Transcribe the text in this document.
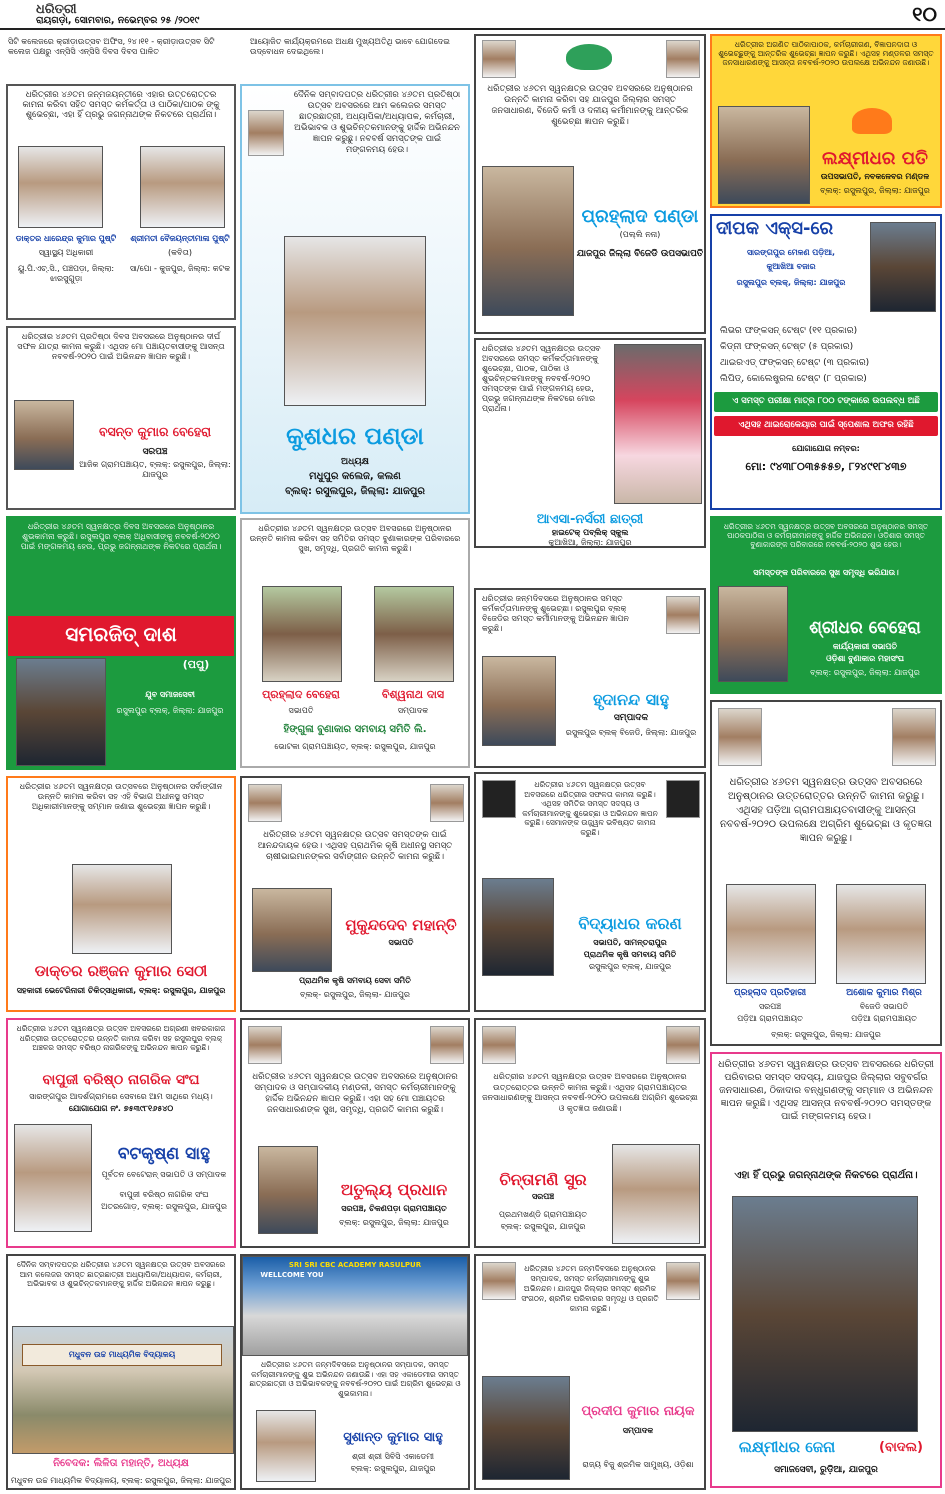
ଧରିତ୍ରୀ
ରାୟଗଡ଼ା, ସୋମବାର, ନଭେମ୍ବର ୨୫ /୨୦୧୯	୧୦
ସିଟି କଲେଜରେ କ୍ରୀଡ଼ାଉତ୍ସବ ଅଫିସ, ୨୪।୧୧ - କ୍ରୀଡ଼ାଉତ୍ସବ ସିଟି କଲେଜ ପକ୍ଷରୁ ଏନ୍‌ସିସି ଏନ୍‌ସିସି ଦିବସ ଦିବସ ପାଳିତ
ଆୟୋଜିତ କାର୍ଯ୍ୟକ୍ରମରେ ଅଧକ୍ଷ ମୁଖ୍ୟଅତିଥି ଭାବେ ଯୋଗଦେଇ ଉଦ୍‌ବୋଧନ ଦେଇଥିଲେ।
ଧରିତ୍ରୀର ୪୬ତମ ଜନ୍ମଜୟନ୍ତୀରେ ଏହାର ଉତ୍ତରୋତ୍ତର କାମନା କରିବା ସହିତ ସମସ୍ତ କର୍ମକର୍ତ୍ତା ଓ ପାଠିକା/ପାଠକ ଙ୍କୁ ଶୁଭେଚ୍ଛା, ଏହା ହିଁ ପ୍ରଭୁ ଜଗନ୍ନାଥଙ୍କ ନିକଟରେ ପ୍ରାର୍ଥନା।
ଡାକ୍ତର ଧାରେନ୍ଦ୍ର କୁମାର ପୁଷ୍ଟି
ସ୍ୱାସ୍ଥ୍ୟ ଅଧିକାରୀ
ୟୁ.ପି.ଏଚ୍.ସି., ପଞ୍ଚପଡ଼ା, ଜିଲ୍ଲା: ଝାରସୁଗୁଡ଼ା
ଶ୍ରୀମତୀ ବୈଜୟନ୍ତୀମାଳା ପୁଷ୍ଟି
(କବିତା)
ସା/ପୋ - କୁଜପୁର, ଜିଲ୍ଲା: କଟକ
ଧରିତ୍ରୀର ୪୬ତମ ପ୍ରତିଷ୍ଠା ଦିବସ ଅବସରରେ ଅନୁଷ୍ଠାନର ଦୀର୍ଘ ସଫଳ ଯାତ୍ରା କାମନା କରୁଛି। ଏଥିସହ ମୋ ପଞ୍ଚାୟତବାସୀଙ୍କୁ ଆସନ୍ତା ନବବର୍ଷ-୨୦୨୦ ପାଇଁ ଅଭିନନ୍ଦନ ଜ୍ଞାପନ କରୁଛି।
ବସନ୍ତ କୁମାର ବେହେରା
ସରପଞ୍ଚ
ଆଜିକ ଗ୍ରାମପଞ୍ଚାୟତ, ବ୍ଲକ୍: ରସୁଲପୁର, ଜିଲ୍ଲା: ଯାଜପୁର
ଧରିତ୍ରୀର ୪୬ତମ ସ୍ୱନକ୍ଷତ୍ର ଦିବସ ଅବସରରେ ଅନୁଷ୍ଠାନର ଶୁଭକାମନା କରୁଛି। ରସୁଲପୁର ବ୍ଲକ୍ ଅଧିବାସୀଙ୍କୁ ନବବର୍ଷ-୨୦୨୦ ପାଇଁ ମଙ୍ଗଳମୟ ହେଉ, ପ୍ରଭୁ ଜଗନ୍ନାଥଙ୍କ ନିକଟରେ ପ୍ରାର୍ଥନା।
ସମରଜିତ୍ ଦାଶ
(ପପୁ)
ଯୁବ ସମାଜସେବୀ
ରସୁଲପୁର ବ୍ଲକ୍, ଜିଲ୍ଲା: ଯାଜପୁର
ଦୈନିକ ସମ୍ବାଦପତ୍ର ଧରିତ୍ରୀର ୪୬ତମ ପ୍ରତିଷ୍ଠା ଉତ୍ସବ ଅବସରରେ ଆମ କଲେଜର ସମସ୍ତ ଛାତ୍ରଛାତ୍ରୀ, ଅଧ୍ୟାପିକା/ଅଧ୍ୟାପକ, କର୍ମଚାରୀ, ଅଭିଭାବକ ଓ ଶୁଭଚିନ୍ତକମାନଙ୍କୁ ହାର୍ଦ୍ଦିକ ଅଭିନନ୍ଦନ ଜ୍ଞାପନ କରୁଛୁ। ନବବର୍ଷ ସମସ୍ତଙ୍କ ପାଇଁ ମଙ୍ଗଳମୟ ହେଉ।
କୁଶଧର ପଣ୍ଡା
ଅଧ୍ୟକ୍ଷ
ମଧୁପୁର କଲେଜ, କଲଣ
ବ୍ଲକ୍: ରସୁଲପୁର, ଜିଲ୍ଲା: ଯାଜପୁର
ଧରିତ୍ରୀର ୪୬ତମ ସ୍ୱନକ୍ଷତ୍ର ଉତ୍ସବ ଅବସରରେ ଅନୁଷ୍ଠାନର ଉନ୍ନତି କାମନା କରିବା ସହ ସମିତିର ସମସ୍ତ ବୁଣାକାରଙ୍କ ପରିବାରରେ ସୁଖ, ସମୃଦ୍ଧି, ପ୍ରଗତି କାମନା କରୁଛି।
ପ୍ରହ୍ଲାଦ ବେହେରା
ସଭାପତି
ବିଶ୍ୱନାଥ ଦାସ
ସମ୍ପାଦକ
ହିଙ୍ଗୁଳା ବୁଣାକାର ସମବାୟ ସମିତି ଲି.
ଭୋଟକା ଗ୍ରାମପଞ୍ଚାୟତ, ବ୍ଲକ୍: ରସୁଲପୁର, ଯାଜପୁର
ଧରିତ୍ରୀର ୪୬ତମ ସ୍ୱନକ୍ଷତ୍ର ଉତ୍ସବ ଅବସରରେ ଅନୁଷ୍ଠାନର ଉନ୍ନତି କାମନା କରିବା ସହ ଯାଜପୁର ଜିଲ୍ଲାର ସମସ୍ତ ଜନସାଧାରଣ, ବିଜେଡି କର୍ମୀ ଓ ଦଳୀୟ କର୍ମୀମାନଙ୍କୁ ଆନ୍ତରିକ ଶୁଭେଚ୍ଛା ଜ୍ଞାପନ କରୁଛି।
ପ୍ରହ୍ଲାଦ ପଣ୍ଡା
(ପଲ୍ଲି ନନା)
ଯାଜପୁର ଜିଲ୍ଲା ବିଜେଡି ଉପସଭାପତି
ଧରିତ୍ରୀର ୪୬ତମ ସ୍ୱନକ୍ଷତ୍ର ଉତ୍ସବ ଅବସରରେ ସମସ୍ତ କର୍ମକର୍ତ୍ତାମାନଙ୍କୁ ଶୁଭେଚ୍ଛା, ପାଠକ, ପାଠିକା ଓ ଶୁଭଚିନ୍ତକମାନଙ୍କୁ ନବବର୍ଷ-୨୦୨୦ ସମସ୍ତଙ୍କ ପାଇଁ ମଙ୍ଗଳମୟ ହେଉ, ପ୍ରଭୁ ଜଗନ୍ନାଥଙ୍କ ନିକଟରେ ମୋର ପ୍ରାର୍ଥନା।
ଆଏସା-ନର୍ସରୀ ଛାତ୍ରୀ
ହାଇଟେକ୍ ପବ୍ଲିକ୍ ସ୍କୁଲ
କୁଆଖିଆ, ଜିଲ୍ଲା: ଯାଜପୁର
ଧରିତ୍ରୀର ଜନ୍ମଦିବସରେ ଅନୁଷ୍ଠାନର ସମସ୍ତ କର୍ମକର୍ତ୍ତାମାନଙ୍କୁ ଶୁଭେଚ୍ଛା। ରସୁଲପୁର ବ୍ଲକ୍ ବିଜେଡିର ସମସ୍ତ କର୍ମୀମାନଙ୍କୁ ଅଭିନନ୍ଦନ ଜ୍ଞାପନ କରୁଛି।
ହୃଦାନନ୍ଦ ସାହୁ
ସମ୍ପାଦକ
ରସୁଲପୁର ବ୍ଲକ୍ ବିଜେଡି, ଜିଲ୍ଲା: ଯାଜପୁର
ଧରିତ୍ରୀର ଅଗଣିତ ପାଠିକାପାଠକ, କର୍ମଚାରୀଗଣ, ବିଜ୍ଞାପନଦାତା ଓ ଶୁଭେଚ୍ଛୁଙ୍କୁ ଆନ୍ତରିକ ଶୁଭେଚ୍ଛା ଜ୍ଞାପନ କରୁଛି। ଏଥିସହ ମଣ୍ଡଳର ସମସ୍ତ ଜନସାଧାରଣଙ୍କୁ ଆସନ୍ତା ନବବର୍ଷ-୨୦୨୦ ଉପଲକ୍ଷେ ଅଭିନନ୍ଦନ ଜଣାଉଛି।
ଲକ୍ଷ୍ମୀଧର ପତି
ଉପସଭାପତି, ନବକଳେବର ମଣ୍ଡଳ
ବ୍ଲକ୍: ରସୁଲପୁର, ଜିଲ୍ଲା: ଯାଜପୁର
ଦୀପକ ଏକ୍ସ-ରେ
ସାରଙ୍ଗପୁର ମେଳଣ ପଡ଼ିଆ,
କୁଆଖିଆ ବଜାର
ରସୁଲପୁର ବ୍ଲକ୍, ଜିଲ୍ଲା: ଯାଜପୁର
ଲିଭର ଫଙ୍କସନ୍ ଟେଷ୍ଟ (୧୧ ପ୍ରକାର)
କିଡ୍ନୀ ଫଙ୍କସନ୍ ଟେଷ୍ଟ (୫ ପ୍ରକାର)
ଥାଇରଏଡ୍ ଫଙ୍କସନ୍ ଟେଷ୍ଟ (୩ ପ୍ରକାର)
ଲିପିଡ୍, କୋଲେଷ୍ଟ୍ରଲ ଟେଷ୍ଟ (୮ ପ୍ରକାର)
ଏ ସମସ୍ତ ପରୀକ୍ଷା ମାତ୍ର ୮୦୦ ଟଙ୍କାରେ ଉପଲବ୍ଧ ଅଛି
ଏଥିସହ ଥାଇରୋକେୟାର ପାଇଁ ସ୍ପେଶାଲ ଅଫର ରହିଛି
ଯୋଗାଯୋଗ ନମ୍ବର:
ମୋ: ୯୪୩୮୦୩୫୫୫୭, ୮୨୪୯୧୮୪୩୭
ଧରିତ୍ରୀର ୪୬ତମ ସ୍ୱନକ୍ଷତ୍ର ଉତ୍ସବ ଅବସରରେ ଅନୁଷ୍ଠାନର ସମସ୍ତ ପାଠକପାଠିକା ଓ କର୍ମଚାରୀମାନଙ୍କୁ ହାର୍ଦ୍ଦିକ ଅଭିନନ୍ଦନ। ଓଡ଼ିଶାର ସମସ୍ତ ବୁଣାକାରଙ୍କ ପରିବାରରେ ନବବର୍ଷ-୨୦୨୦ ଶୁଭ ହେଉ।
ସମସ୍ତଙ୍କ ପରିବାରରେ ସୁଖ ସମୃଦ୍ଧି ଭରିଯାଉ।
ଶ୍ରୀଧର ବେହେରା
କାର୍ଯ୍ୟକାରୀ ସଭାପତି
ଓଡ଼ିଶା ବୁଣାକାର ମହାସଂଘ
ବ୍ଲକ୍: ରସୁଲପୁର, ଜିଲ୍ଲା: ଯାଜପୁର
ଧରିତ୍ରୀର ୪୬ତମ ସ୍ୱନକ୍ଷତ୍ର ଉତ୍ସବ ଅବସରରେ ଅନୁଷ୍ଠାନର ଉତ୍ତରୋତ୍ତର ଉନ୍ନତି କାମନା କରୁଛୁ। ଏଥିସହ ପଡ଼ିଆ ଗ୍ରାମପଞ୍ଚାୟତବାସୀଙ୍କୁ ଆସନ୍ତା ନବବର୍ଷ-୨୦୨୦ ଉପଲକ୍ଷେ ଅଗ୍ରିମ ଶୁଭେଚ୍ଛା ଓ କୃତଜ୍ଞତା ଜ୍ଞାପନ କରୁଛୁ।
ପ୍ରହ୍ଲାଦ ପ୍ରତିହାରୀ
ସରପଞ୍ଚ
ପଡ଼ିଆ ଗ୍ରାମପଞ୍ଚାୟତ
ଅଶୋକ କୁମାର ମିଶ୍ର
ବିଜେଡି ସଭାପତି
ପଡ଼ିଆ ଗ୍ରାମପଞ୍ଚାୟତ
ବ୍ଲକ୍: ରସୁଲପୁର, ଜିଲ୍ଲା: ଯାଜପୁର
ଧରିତ୍ରୀର ୪୬ତମ ସ୍ୱନକ୍ଷତ୍ର ଉତ୍ସବରେ ଅନୁଷ୍ଠାନର ସର୍ବାଙ୍ଗୀନ ଉନ୍ନତି କାମନା କରିବା ସହ ଏହି ବିଭାଗ ଅଧୀନସ୍ଥ ସମସ୍ତ ଅଧିକାରୀମାନଙ୍କୁ ସମ୍ମାନ ଜଣାଇ ଶୁଭେଚ୍ଛା ଜ୍ଞାପନ କରୁଛି।
ଡାକ୍ତର ରଞ୍ଜନ କୁମାର ସେଠୀ
ସହକାରୀ ଭେଟେରିନାରୀ ଚିକିତ୍ସାଧିକାରୀ, ବ୍ଲକ୍: ରସୁଲପୁର, ଯାଜପୁର
ଧରିତ୍ରୀର ୪୬ତମ ସ୍ୱନକ୍ଷତ୍ର ଉତ୍ସବ ସମସ୍ତଙ୍କ ପାଇଁ ଆନନ୍ଦଦାୟକ ହେଉ। ଏଥିସହ ପ୍ରାଥମିକ କୃଷି ଅଧୀନସ୍ଥ ସମସ୍ତ ଚାଷୀଭାଇମାନଙ୍କର ସର୍ବାଙ୍ଗୀନ ଉନ୍ନତି କାମନା କରୁଛି।
ମୁକୁନ୍ଦଦେବ ମହାନ୍ତି
ସଭାପତି
ପ୍ରାଥମିକ କୃଷି ସମବାୟ ସେବା ସମିତି
ବ୍ଲକ୍- ରସୁଲପୁର, ଜିଲ୍ଲା- ଯାଜପୁର
ଧରିତ୍ରୀର ୪୬ତମ ସ୍ୱନକ୍ଷତ୍ର ଉତ୍ସବ ଅବସରରେ ଧରିତ୍ରୀର ସଫଳତା କାମନା କରୁଛି। ଏଥିସହ ସମିତିର ସମସ୍ତ ସଦସ୍ୟ ଓ କର୍ମଚାରୀମାନଙ୍କୁ ଶୁଭେଚ୍ଛା ଓ ଅଭିନନ୍ଦନ ଜ୍ଞାପନ କରୁଛି। ସେମାନଙ୍କ ଉଜ୍ଜ୍ୱଳ ଭବିଷ୍ୟତ କାମନା କରୁଛି।
ବିଦ୍ୟାଧର କରଣ
ସଭାପତି, ସାମନ୍ତରାପୁର
ପ୍ରାଥମିକ କୃଷି ସମବାୟ ସମିତି
ରସୁଲପୁର ବ୍ଲକ୍, ଯାଜପୁର
ଧରିତ୍ରୀର ୪୬ତମ ସ୍ୱନକ୍ଷତ୍ର ଉତ୍ସବ ଅବସରରେ ଅଗ୍ରଣୀ ଖବରକାଗଜ ଧରିତ୍ରୀର ଉତ୍ତରୋତ୍ତର ଉନ୍ନତି କାମନା କରିବା ସହ ରସୁଲପୁର ବ୍ଲକ୍ ଅଞ୍ଚଳର ସମସ୍ତ ବରିଷ୍ଠ ନାଗରିକଙ୍କୁ ଅଭିନନ୍ଦନ ଜ୍ଞାପନ କରୁଛି।
ବାପୁଜୀ ବରିଷ୍ଠ ନାଗରିକ ସଂଘ
ସାରଙ୍ଗପୁର ଆଦର୍ଶଗ୍ରାମରେ ସେବାରେ ଆମ ସାଥିରେ ମଧ୍ୟ।
ଯୋଗାଯୋଗ ନଂ. ୭୫୩୯୮୧୬୫୪୦
ବଟକୃଷ୍ଣ ସାହୁ
ପୂର୍ବତନ ବେଟେରାନ୍ ସଭାପତି ଓ ସମ୍ପାଦକ
ବାପୁଜୀ ବରିଷ୍ଠ ନାଗରିକ ସଂଘ
ଅତରଗୋଡ଼, ବ୍ଲକ୍: ରସୁଲପୁର, ଯାଜପୁର
ଧରିତ୍ରୀର ୪୬ତମ ସ୍ୱନକ୍ଷତ୍ର ଉତ୍ସବ ଅବସରରେ ଅନୁଷ୍ଠାନର ସମ୍ପାଦକ ଓ ସମ୍ପାଦକୀୟ ମଣ୍ଡଳୀ, ସମସ୍ତ କର୍ମଚାରୀମାନଙ୍କୁ ହାର୍ଦ୍ଦିକ ଅଭିନନ୍ଦନ ଜ୍ଞାପନ କରୁଛି। ଏହା ସହ ମୋ ପଞ୍ଚାୟତର ଜନସାଧାରଣଙ୍କ ସୁଖ, ସମୃଦ୍ଧି, ପ୍ରଗତି କାମନା କରୁଛି।
ଅତୁଲ୍ୟ ପ୍ରଧାନ
ସରପଞ୍ଚ, ଚିକଣପଡ଼ା ଗ୍ରାମପଞ୍ଚାୟତ
ବ୍ଲକ୍: ରସୁଲପୁର, ଜିଲ୍ଲା: ଯାଜପୁର
ଧରିତ୍ରୀର ୪୬ତମ ସ୍ୱନକ୍ଷତ୍ର ଉତ୍ସବ ଅବସରରେ ଅନୁଷ୍ଠାନର ଉତ୍ତରୋତ୍ତର ଉନ୍ନତି କାମନା କରୁଛି। ଏଥିସହ ଗ୍ରାମପଞ୍ଚାୟତର ଜନସାଧାରଣଙ୍କୁ ଆସନ୍ତା ନବବର୍ଷ-୨୦୨୦ ଉପଲକ୍ଷେ ଅଗ୍ରିମ ଶୁଭେଚ୍ଛା ଓ କୃତଜ୍ଞତା ଜଣାଉଛି।
ଚିନ୍ତାମଣି ସୁର
ସରପଞ୍ଚ
ପ୍ରଥମଖଣ୍ଡି ଗ୍ରାମପଞ୍ଚାୟତ
ବ୍ଲକ୍: ରସୁଲପୁର, ଯାଜପୁର
ଧରିତ୍ରୀର ୪୬ତମ ସ୍ୱନକ୍ଷତ୍ର ଉତ୍ସବ ଅବସରରେ ଧରିତ୍ରୀ ପରିବାରର ସମସ୍ତ ସଦସ୍ୟ, ଯାଜପୁର ଜିଲ୍ଲାର ସବୁବର୍ଗର ଜନସାଧାରଣ, ଠିକାଦାର ବନ୍ଧୁଗଣଙ୍କୁ ସମ୍ମାନ ଓ ଅଭିନନ୍ଦନ ଜ୍ଞାପନ କରୁଛି। ଏଥିସହ ଆସନ୍ତା ନବବର୍ଷ-୨୦୨୦ ସମସ୍ତଙ୍କ ପାଇଁ ମଙ୍ଗଳମୟ ହେଉ।
ଏହା ହିଁ ପ୍ରଭୁ ଜଗନ୍ନାଥଙ୍କ ନିକଟରେ ପ୍ରାର୍ଥନା।
ଲକ୍ଷ୍ମୀଧର ଜେନା	(ବାଦଲ)
ସମାଜସେବୀ, ରୁଡ଼ିଆ, ଯାଜପୁର
ଦୈନିକ ସମ୍ବାଦପତ୍ର ଧରିତ୍ରୀର ୪୬ତମ ସ୍ୱନକ୍ଷତ୍ର ଉତ୍ସବ ଅବସରରେ ଆମ କଲେଜର ସମସ୍ତ ଛାତ୍ରଛାତ୍ରୀ ଅଧ୍ୟାପିକା/ଅଧ୍ୟାପକ, କର୍ମଚାରୀ, ଅଭିଭାବକ ଓ ଶୁଭଚିନ୍ତକମାନଙ୍କୁ ହାର୍ଦ୍ଦିକ ଅଭିନନ୍ଦନ ଜ୍ଞାପନ କରୁଛୁ।
ମଧୁବନ ଉଚ୍ଚ ମାଧ୍ୟମିକ ବିଦ୍ୟାଳୟ
ନିବେଦକ: ଲିଳିତା ମହାନ୍ତି, ଅଧ୍ୟକ୍ଷ
ମଧୁବନ ଉଚ୍ଚ ମାଧ୍ୟମିକ ବିଦ୍ୟାଳୟ, ବ୍ଲକ୍: ରସୁଲପୁର, ଜିଲ୍ଲା: ଯାଜପୁର
SRI SRI CBC ACADEMY RASULPUR
WELLCOME YOU
ଧରିତ୍ରୀର ୪୬ତମ ଜନ୍ମଦିବସରେ ଅନୁଷ୍ଠାନର ସମ୍ପାଦକ, ସମସ୍ତ କର୍ମଚାରୀମାନଙ୍କୁ ଶୁଭ ଅଭିନନ୍ଦନ ଜଣାଉଛି। ଏହା ସହ ଏକାଡେମୀର ସମସ୍ତ ଛାତ୍ରଛାତ୍ରୀ ଓ ଅଭିଭାବକଙ୍କୁ ନବବର୍ଷ-୨୦୨୦ ପାଇଁ ଅଗ୍ରିମ ଶୁଭେଚ୍ଛା ଓ ଶୁଭକାମନା।
ସୁଶାନ୍ତ କୁମାର ସାହୁ
ଶ୍ରୀ ଶ୍ରୀ ସିବିସି ଏକାଡେମୀ
ବ୍ଲକ୍: ରସୁଲପୁର, ଯାଜପୁର
ଧରିତ୍ରୀର ୪୬ତମ ଜନ୍ମଦିବସରେ ଅନୁଷ୍ଠାନର ସମ୍ପାଦକ, ସମସ୍ତ କର୍ମଚାରୀମାନଙ୍କୁ ଶୁଭ ଅଭିନନ୍ଦନ। ଯାଜପୁର ଜିଲ୍ଲାର ସମସ୍ତ ଶ୍ରମିକ ସଂଗଠନ, ଶ୍ରମିକ ପରିବାରର ସମୃଦ୍ଧି ଓ ପ୍ରଗତି କାମନା କରୁଛି।
ପ୍ରଦୀପ କୁମାର ନାୟକ
ସମ୍ପାଦକ
ରାଜ୍ୟ ବିଜୁ ଶ୍ରମିକ ସାମୁଖ୍ୟ, ଓଡ଼ିଶା
